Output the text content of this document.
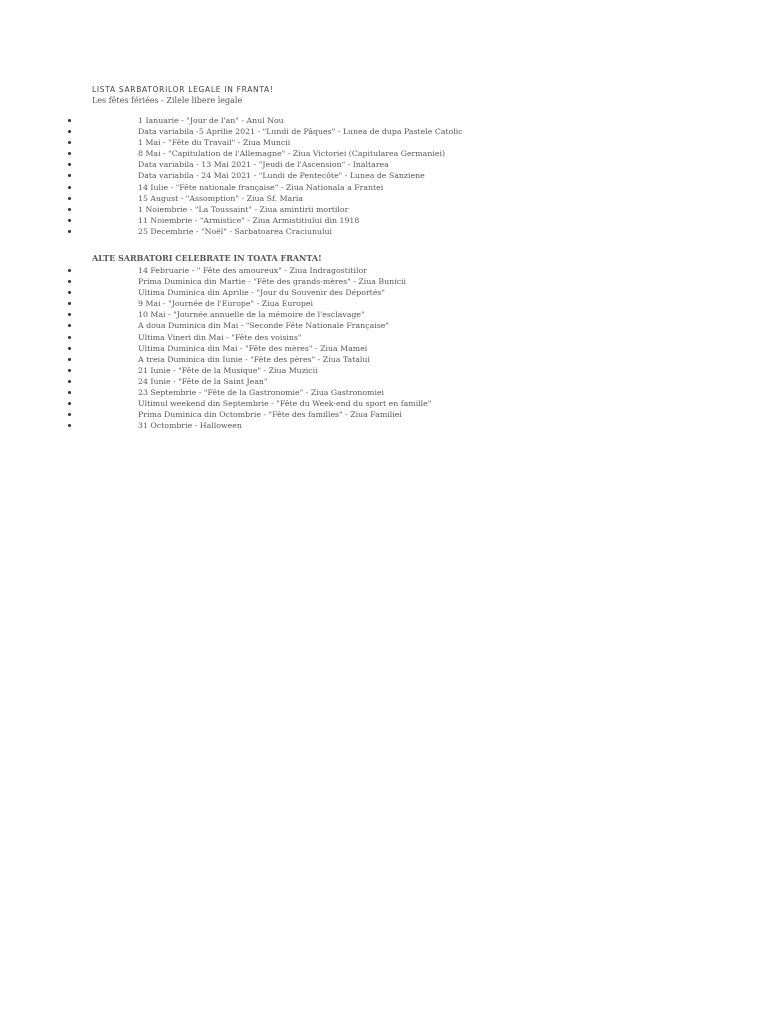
LISTA SARBATORILOR LEGALE IN FRANTA!
Les fêtes fériées - Zilele libere legale
1 Ianuarie - "Jour de l'an" - Anul Nou
Data variabila -5 Aprilie 2021 - "Lundi de Pâques" - Lunea de dupa Pastele Catolic
1 Mai - "Fête du Travail" - Ziua Muncii
8 Mai - "Capitulation de l'Allemagne" - Ziua Victoriei (Capitularea Germaniei)
Data variabila - 13 Mai 2021 - "Jeudi de l'Ascension" - Inaltarea
Data variabila - 24 Mai 2021 - "Lundi de Pentecôte" - Lunea de Sanziene
14 Iulie - "Fête nationale française" - Ziua Nationala a Frantei
15 August - "Assomption" - Ziua Sf. Maria
1 Noiembrie - "La Toussaint" - Ziua amintirii mortilor
11 Noiembrie - "Armistice" - Ziua Armistitiului din 1918
25 Decembrie - "Noël" - Sarbatoarea Craciunului
ALTE SARBATORI CELEBRATE IN TOATA FRANTA!
14 Februarie - " Fête des amoureux" - Ziua Indragostitilor
Prima Duminica din Martie - "Fête des grands-mères" - Ziua Bunicii
Ultima Duminica din Aprilie - "Jour du Souvenir des Déportés"
9 Mai - "Journée de l'Europe" - Ziua Europei
10 Mai - "Journée annuelle de la mémoire de l'esclavage"
A doua Duminica din Mai - "Seconde Fête Nationale Française"
Ultima Vineri din Mai - "Fête des voisins"
Ultima Duminica din Mai - "Fête des mères" - Ziua Mamei
A treia Duminica din Iunie - "Fête des pères" - Ziua Tatalui
21 Iunie - "Fête de la Musique" - Ziua Muzicii
24 Iunie - "Fête de la Saint Jean"
23 Septembrie - "Fête de la Gastronomie" - Ziua Gastronomiei
Ultimul weekend din Septembrie - "Fête du Week-end du sport en famille"
Prima Duminica din Octombrie - "Fête des familles" - Ziua Familiei
31 Octombrie - Halloween
